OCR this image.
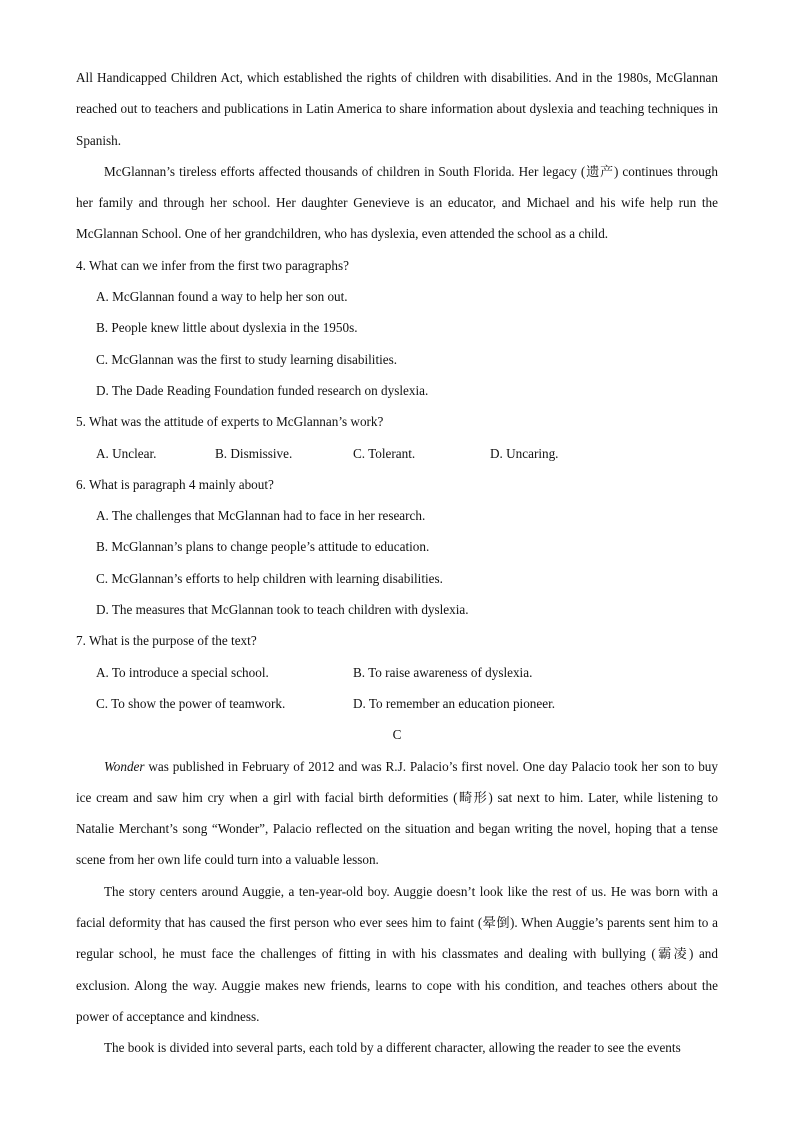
All Handicapped Children Act, which established the rights of children with disabilities. And in the 1980s, McGlannan reached out to teachers and publications in Latin America to share information about dyslexia and teaching techniques in Spanish.

McGlannan’s tireless efforts affected thousands of children in South Florida. Her legacy (遗产) continues through her family and through her school. Her daughter Genevieve is an educator, and Michael and his wife help run the McGlannan School. One of her grandchildren, who has dyslexia, even attended the school as a child.

4. What can we infer from the first two paragraphs?

A. McGlannan found a way to help her son out.

B. People knew little about dyslexia in the 1950s.

C. McGlannan was the first to study learning disabilities.

D. The Dade Reading Foundation funded research on dyslexia.

5. What was the attitude of experts to McGlannan’s work?

A. Unclear.	B. Dismissive.	C. Tolerant.	D. Uncaring.

6. What is paragraph 4 mainly about?

A. The challenges that McGlannan had to face in her research.

B. McGlannan’s plans to change people’s attitude to education.

C. McGlannan’s efforts to help children with learning disabilities.

D. The measures that McGlannan took to teach children with dyslexia.

7. What is the purpose of the text?

A. To introduce a special school.	B. To raise awareness of dyslexia.
C. To show the power of teamwork.	D. To remember an education pioneer.

C

Wonder was published in February of 2012 and was R.J. Palacio’s first novel. One day Palacio took her son to buy ice cream and saw him cry when a girl with facial birth deformities (畸形) sat next to him. Later, while listening to Natalie Merchant’s song “Wonder”, Palacio reflected on the situation and began writing the novel, hoping that a tense scene from her own life could turn into a valuable lesson.

The story centers around Auggie, a ten-year-old boy. Auggie doesn’t look like the rest of us. He was born with a facial deformity that has caused the first person who ever sees him to faint (晕倒). When Auggie’s parents sent him to a regular school, he must face the challenges of fitting in with his classmates and dealing with bullying (霸凌) and exclusion. Along the way. Auggie makes new friends, learns to cope with his condition, and teaches others about the power of acceptance and kindness.

The book is divided into several parts, each told by a different character, allowing the reader to see the events
